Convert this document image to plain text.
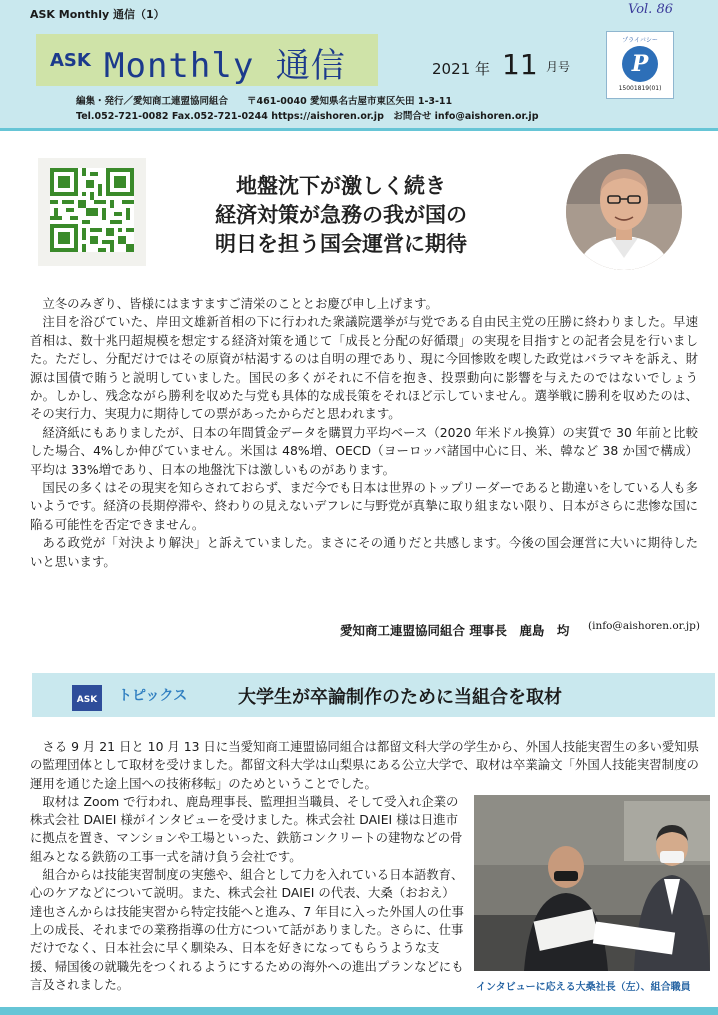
ASK Monthly 通信（1）	Vol. 86
ASK Monthly 通信	2021 年 11 月号
プライバシー
P
15001819(01)
編集・発行／愛知商工連盟協同組合　　〒461-0040 愛知県名古屋市東区矢田 1-3-11
Tel.052-721-0082 Fax.052-721-0244 https://aishoren.or.jp　お問合せ info@aishoren.or.jp
地盤沈下が激しく続き
経済対策が急務の我が国の
明日を担う国会運営に期待

立冬のみぎり、皆様にはますますご清栄のこととお慶び申し上げます。

注目を浴びていた、岸田文雄新首相の下に行われた衆議院選挙が与党である自由民主党の圧勝に終わりました。早速首相は、数十兆円超規模を想定する経済対策を通じて「成長と分配の好循環」の実現を目指すとの記者会見を行いました。ただし、分配だけではその原資が枯渇するのは自明の理であり、現に今回惨敗を喫した政党はバラマキを訴え、財源は国債で賄うと説明していました。国民の多くがそれに不信を抱き、投票動向に影響を与えたのではないでしょうか。しかし、残念ながら勝利を収めた与党も具体的な成長策をそれほど示していません。選挙戦に勝利を収めたのは、その実行力、実現力に期待しての票があったからだと思われます。

経済紙にもありましたが、日本の年間賃金データを購買力平均ベース（2020 年米ドル換算）の実質で 30 年前と比較した場合、4%しか伸びていません。米国は 48%増、OECD（ヨーロッパ諸国中心に日、米、韓など 38 か国で構成）平均は 33%増であり、日本の地盤沈下は激しいものがあります。

国民の多くはその現実を知らされておらず、まだ今でも日本は世界のトップリーダーであると勘違いをしている人も多いようです。経済の長期停滞や、終わりの見えないデフレに与野党が真摯に取り組まない限り、日本がさらに悲惨な国に陥る可能性を否定できません。

ある政党が「対決より解決」と訴えていました。まさにその通りだと共感します。今後の国会運営に大いに期待したいと思います。

愛知商工連盟協同組合 理事長　鹿島　均 (info@aishoren.or.jp)
ASK	トピックス	大学生が卒論制作のために当組合を取材

さる 9 月 21 日と 10 月 13 日に当愛知商工連盟協同組合は都留文科大学の学生から、外国人技能実習生の多い愛知県の監理団体として取材を受けました。都留文科大学は山梨県にある公立大学で、取材は卒業論文「外国人技能実習制度の運用を通じた途上国への技術移転」のためということでした。

取材は Zoom で行われ、鹿島理事長、監理担当職員、そして受入れ企業の株式会社 DAIEI 様がインタビューを受けました。株式会社 DAIEI 様は日進市に拠点を置き、マンションや工場といった、鉄筋コンクリートの建物などの骨組みとなる鉄筋の工事一式を請け負う会社です。

組合からは技能実習制度の実態や、組合として力を入れている日本語教育、心のケアなどについて説明。また、株式会社 DAIEI の代表、大桑（おおえ）達也さんからは技能実習から特定技能へと進み、7 年目に入った外国人の仕事上の成長、それまでの業務指導の仕方について話がありました。さらに、仕事だけでなく、日本社会に早く馴染み、日本を好きになってもらうような支援、帰国後の就職先をつくれるようにするための海外への進出プランなどにも言及されました。	インタビューに応える大桑社長（左）、組合職員
